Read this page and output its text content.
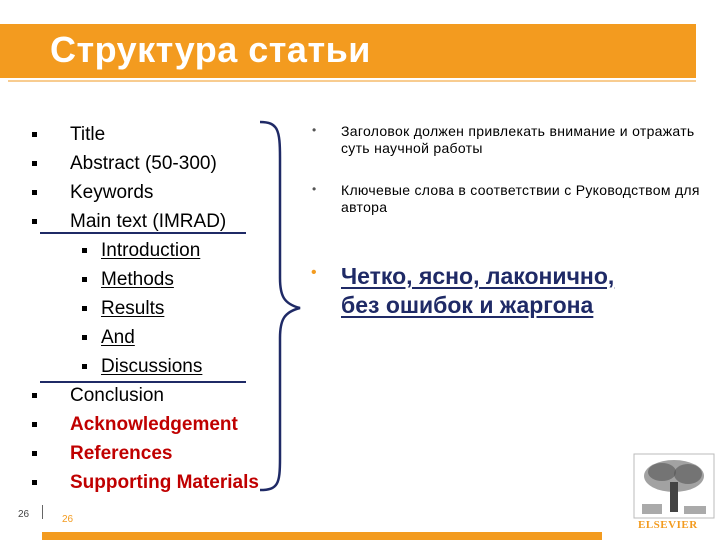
Структура статьи
Title
Abstract (50-300)
Keywords
Main text (IMRAD)
Introduction
Methods
Results
And
Discussions
Conclusion
Acknowledgement
References
Supporting Materials
• Заголовок должен привлекать внимание и отражать суть научной работы
• Ключевые слова в соответствии с Руководством для автора
• Четко, ясно, лаконично,
без ошибок и жаргона
26	26	ELSEVIER
